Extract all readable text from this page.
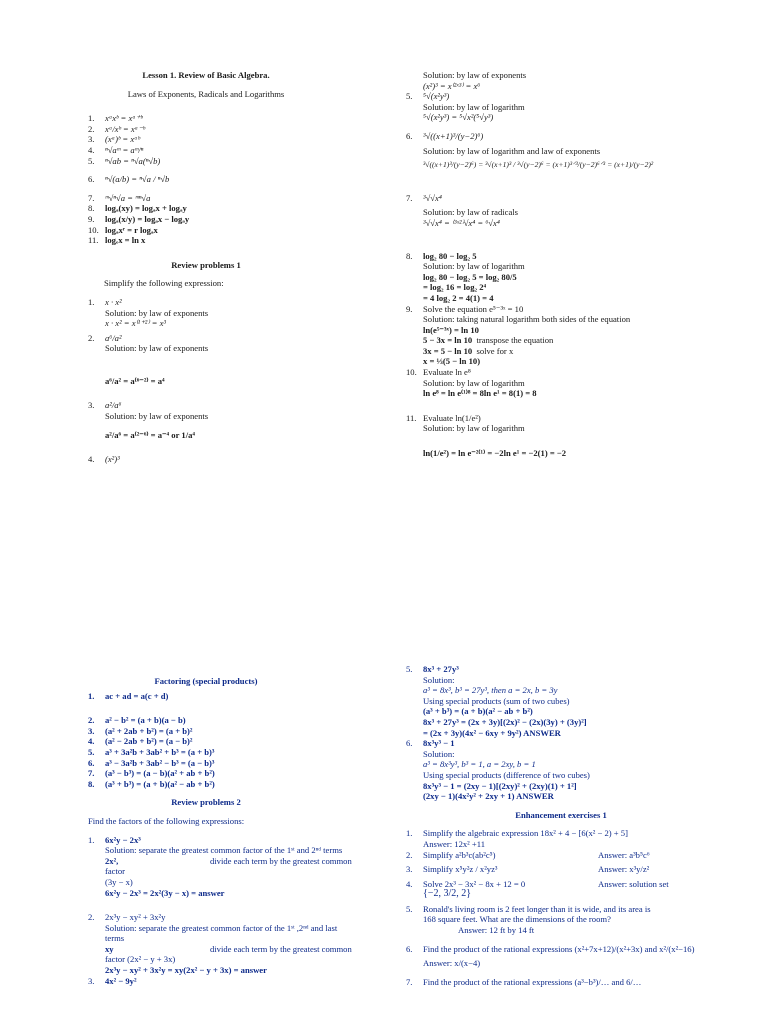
Lesson 1. Review of Basic Algebra.
Laws of Exponents, Radicals and Logarithms
1. xᵃxᵇ = xᵃ⁺ᵇ
2. xᵃ/xᵇ = xᵃ⁻ᵇ
3. (xᵃ)ᵇ = xᵃᵇ
4. ⁿ√aᵐ = aᵐ/ⁿ
5. ⁿ√ab = ⁿ√a(ⁿ√b)
6. ⁿ√(a/b) = ⁿ√a / ⁿ√b
7. ᵐ√ⁿ√a = ᵐⁿ√a
8. logₐ(xy) = logₐx + logₐy
9. logₐ(x/y) = logₐx − logₐy
10. logₐxʳ = r logₐx
11. logₑx = ln x
Review problems 1
Simplify the following expression:
1. x · x²
Solution: by law of exponents
x · x² = x⁽¹⁺²⁾ = x³
2. a⁶/a²
Solution: by law of exponents
a⁶/a² = a⁽⁶⁻²⁾ = a⁴
3. a²/a⁶
Solution: by law of exponents
a²/a⁶ = a⁽²⁻⁶⁾ = a⁻⁴ or 1/a⁴
4. (x²)³
Solution: by law of exponents
(x²)³ = x⁽²ˣ³⁾ = x⁶
5. ⁵√(x²y³)
Solution: by law of logarithm
⁵√(x²y³) = ⁵√x²(⁵√y³)
6. ³√((x+1)³/(y−2)⁶)
Solution: by law of logarithm and law of exponents
³√((x+1)³/(y−2)⁶) = ³√(x+1)³ / ³√(y−2)⁶ = (x+1)³ᐟ³/(y−2)⁶ᐟ³ = (x+1)/(y−2)²
7. ³√√x⁴
Solution: by law of radicals
³√√x⁴ = ⁽³ˣ²⁾√x⁴ = ⁶√x⁴
8. log₂ 80 − log₂ 5
Solution: by law of logarithm
log₂ 80 − log₂ 5 = log₂ 80/5
= log₂ 16 = log₂ 2⁴
= 4 log₂ 2 = 4(1) = 4
9. Solve the equation e⁵⁻³ˣ = 10
Solution: taking natural logarithm both sides of the equation
ln(e⁵⁻³ˣ) = ln 10
5 − 3x = ln 10 transpose the equation
3x = 5 − ln 10 solve for x
x = ⅓(5 − ln 10)
10. Evaluate ln e⁸
Solution: by law of logarithm
ln e⁸ = ln e⁽¹⁾⁸ = 8ln e¹ = 8(1) = 8
11. Evaluate ln(1/e²)
Solution: by law of logarithm
ln(1/e²) = ln e⁻²⁽¹⁾ = −2ln e¹ = −2(1) = −2
Factoring (special products)
1. ac + ad = a(c + d)
2. a² − b² = (a + b)(a − b)
3. (a² + 2ab + b²) = (a + b)²
4. (a² − 2ab + b²) = (a − b)²
5. a³ + 3a²b + 3ab² + b³ = (a + b)³
6. a³ − 3a²b + 3ab² − b³ = (a − b)³
7. (a³ − b³) = (a − b)(a² + ab + b²)
8. (a³ + b³) = (a + b)(a² − ab + b²)
Review problems 2
Find the factors of the following expressions:
1. 6x²y − 2x³
Solution: separate the greatest common factor of the 1ˢᵗ and 2ⁿᵈ terms
2x²,	divide each term by the greatest common
factor
(3y − x)
6x²y − 2x³ = 2x²(3y − x) = answer
2. 2x³y − xy² + 3x²y
Solution: separate the greatest common factor of the 1ˢᵗ ,2ⁿᵈ and last
terms
xy	divide each term by the greatest common
factor (2x² − y + 3x)
2x³y − xy² + 3x²y = xy(2x² − y + 3x) = answer
3. 4x² − 9y²
5. 8x³ + 27y³
Solution:
a³ = 8x³, b³ = 27y³, then a = 2x, b = 3y
Using special products (sum of two cubes)
(a³ + b³) = (a + b)(a² − ab + b²)
8x³ + 27y³ = (2x + 3y)[(2x)² − (2x)(3y) + (3y)²]
= (2x + 3y)(4x² − 6xy + 9y²) ANSWER
6. 8x³y³ − 1
Solution:
a³ = 8x³y³, b³ = 1, a = 2xy, b = 1
Using special products (difference of two cubes)
8x³y³ − 1 = (2xy − 1)[(2xy)² + (2xy)(1) + 1²]
(2xy − 1)(4x²y² + 2xy + 1) ANSWER
Enhancement exercises 1
1. Simplify the algebraic expression 18x² + 4 − [6(x² − 2) + 5]
Answer: 12x² +11
2. Simplify a²b³c(ab²c⁵)	Answer: a³b⁵c⁶
3. Simplify x⁵y²z / x²yz³	Answer: x³y/z²
4. Solve 2x³ − 3x² − 8x + 12 = 0	Answer: solution set
{−2, 3/2, 2}
5. Ronald's living room is 2 feet longer than it is wide, and its area is
168 square feet. What are the dimensions of the room?
Answer: 12 ft by 14 ft
6. Find the product of the rational expressions (x²+7x+12)/(x²+3x) and x²/(x²−16)
Answer: x/(x−4)
7. Find the product of the rational expressions (a³−b³)/… and 6/…
